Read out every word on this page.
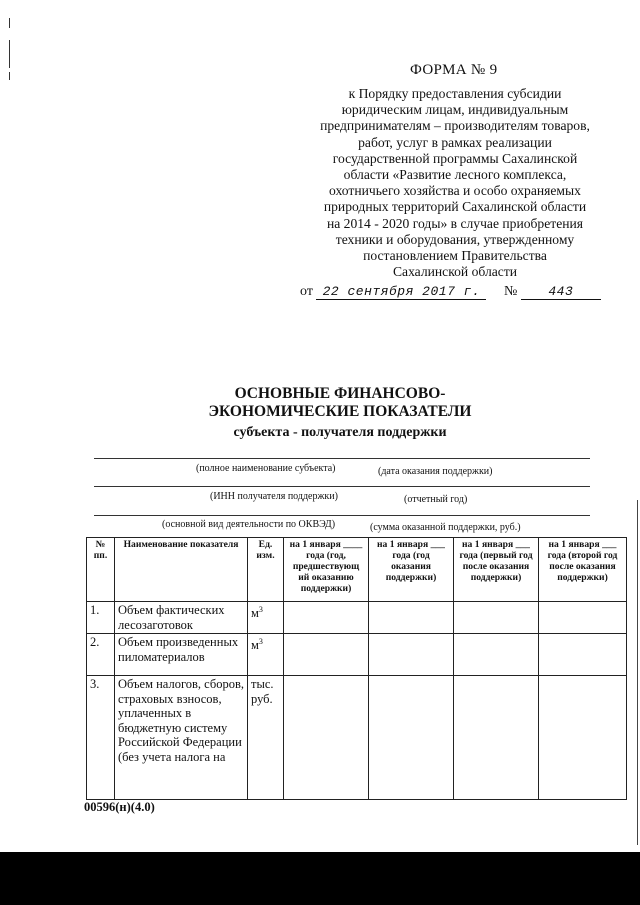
ФОРМА № 9
к Порядку предоставления субсидии
юридическим лицам, индивидуальным
предпринимателям – производителям товаров,
работ, услуг в рамках реализации
государственной программы Сахалинской
области «Развитие лесного комплекса,
охотничьего хозяйства и особо охраняемых
природных территорий Сахалинской области
на 2014 - 2020 годы» в случае приобретения
техники и оборудования, утвержденному
постановлением Правительства
Сахалинской области
от 22 сентября 2017 г. № 443
ОСНОВНЫЕ ФИНАНСОВО-
ЭКОНОМИЧЕСКИЕ ПОКАЗАТЕЛИ
субъекта - получателя поддержки
(полное наименование субъекта)	(дата оказания поддержки)
(ИНН получателя поддержки)	(отчетный год)
(основной вид деятельности по ОКВЭД)	(сумма оказанной поддержки, руб.)
№ пп.	Наименование показателя	Ед. изм.	на 1 января ____ года (год, предшествующ ий оказанию поддержки)	на 1 января ___ года (год оказания поддержки)	на 1 января ___ года (первый год после оказания поддержки)	на 1 января ___ года (второй год после оказания поддержки)
1.	Объем фактических лесозаготовок	$м^3$				
2.	Объем произведенных пиломатериалов	$м^3$				
3.	Объем налогов, сборов, страховых взносов, уплаченных в бюджетную систему Российской Федерации (без учета налога на	тыс. руб.				
00596(н)(4.0)
